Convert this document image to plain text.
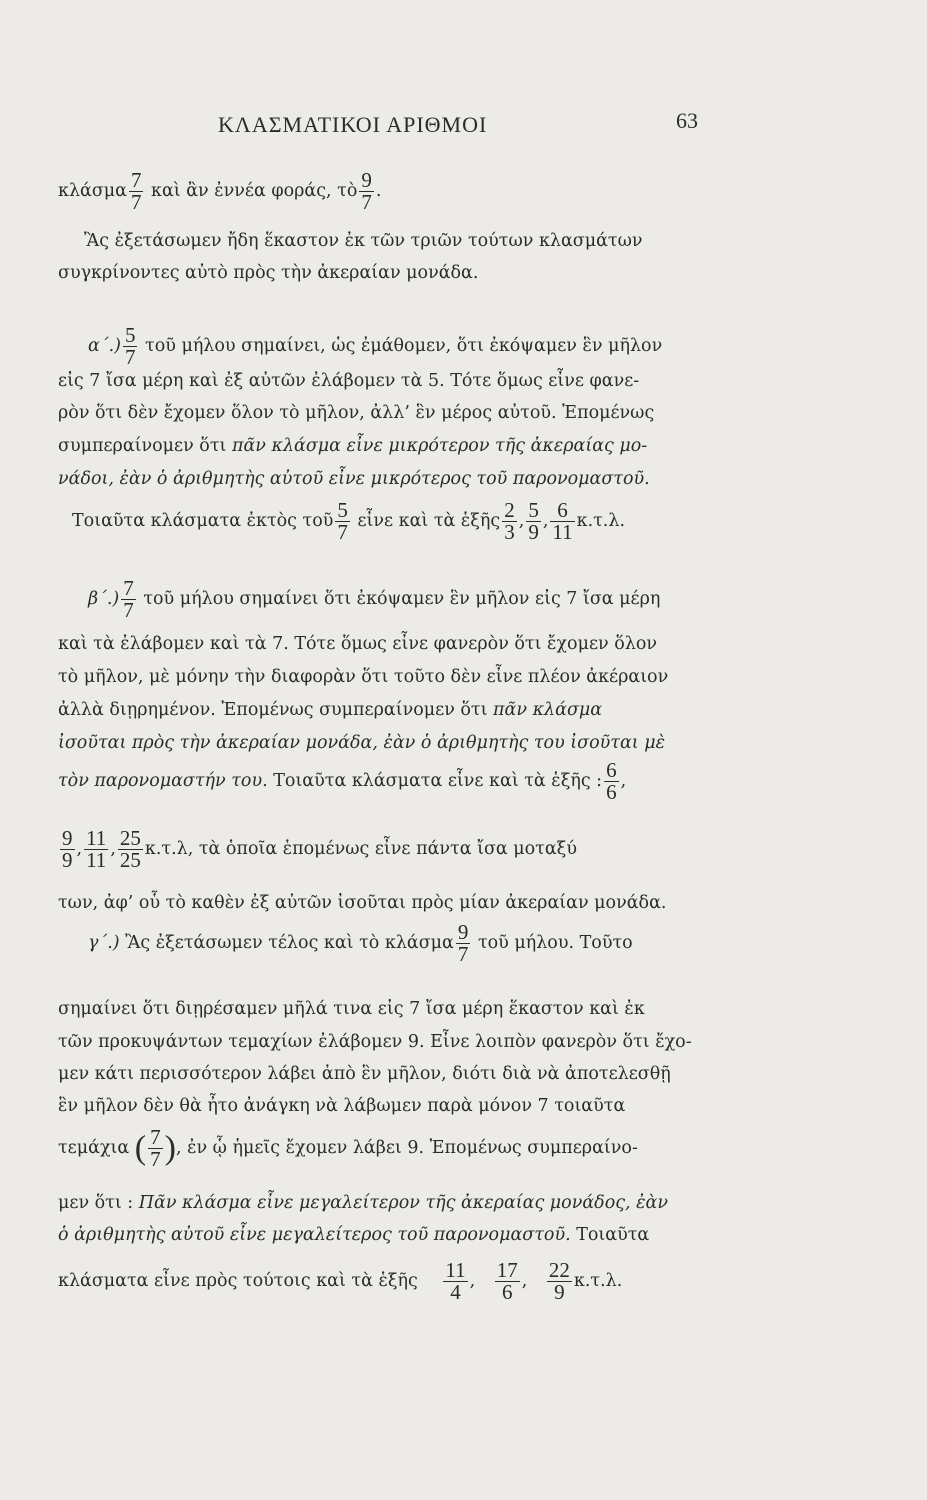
ΚΛΑΣΜΑΤΙΚΟΙ ΑΡΙΘΜΟΙ	63
κλάσμα $\frac{7}{7}$ καὶ ἂν ἐννέα φοράς, τὸ $\frac{9}{7}$ .
Ἂς ἐξετάσωμεν ἤδη ἕκαστον ἐκ τῶν τριῶν τούτων κλασμάτων
συγκρίνοντες αὐτὸ πρὸς τὴν ἀκεραίαν μονάδα.
$\alpha΄.) \frac{5}{7}$ τοῦ μήλου σημαίνει, ὡς ἐμάθομεν, ὅτι ἐκόψαμεν ἓν μῆλον
εἰς 7 ἴσα μέρη καὶ ἐξ αὐτῶν ἐλάβομεν τὰ 5. Τότε ὅμως εἶνε φανε-
ρὸν ὅτι δὲν ἔχομεν ὅλον τὸ μῆλον, ἀλλ’ ἓν μέρος αὐτοῦ. Ἐπομένως
συμπεραίνομεν ὅτι πᾶν κλάσμα εἶνε μικρότερον τῆς ἀκεραίας μο-
νάδοι, ἐὰν ὁ ἀριθμητὴς αὐτοῦ εἶνε μικρότερος τοῦ παρονομαστοῦ.
Τοιαῦτα κλάσματα ἐκτὸς τοῦ $\frac{5}{7}$ εἶνε καὶ τὰ ἑξῆς $\frac{2}{3}$ , $\frac{5}{9}$ , $\frac{6}{11} \kappa.\tau.\lambda$.
$\beta΄.) \frac{7}{7}$ τοῦ μήλου σημαίνει ὅτι ἐκόψαμεν ἓν μῆλον εἰς 7 ἴσα μέρη
καὶ τὰ ἐλάβομεν καὶ τὰ 7. Τότε ὅμως εἶνε φανερὸν ὅτι ἔχομεν ὅλον
τὸ μῆλον, μὲ μόνην τὴν διαφορὰν ὅτι τοῦτο δὲν εἶνε πλέον ἀκέραιον
ἀλλὰ διῃρημένον. Ἐπομένως συμπεραίνομεν ὅτι πᾶν κλάσμα
ἰσοῦται πρὸς τὴν ἀκεραίαν μονάδα, ἐὰν ὁ ἀριθμητὴς του ἰσοῦται μὲ
τὸν παρονομαστήν του. Τοιαῦτα κλάσματα εἶνε καὶ τὰ ἑξῆς : $\frac{6}{6}$ ,
$\frac{9}{9}$ , $\frac{11}{11}$ , $\frac{25}{25} \kappa.\tau.\lambda$, τὰ ὁποῖα ἑπομένως εἶνε πάντα ἴσα μοταξύ
των, ἀφ’ οὗ τὸ καθὲν ἐξ αὐτῶν ἰσοῦται πρὸς μίαν ἀκεραίαν μονάδα.
γ΄.) Ἂς ἐξετάσωμεν τέλος καὶ τὸ κλάσμα $\frac{9}{7}$ τοῦ μήλου. Τοῦτο
σημαίνει ὅτι διῃρέσαμεν μῆλά τινα εἰς 7 ἴσα μέρη ἕκαστον καὶ ἐκ
τῶν προκυψάντων τεμαχίων ἐλάβομεν 9. Εἶνε λοιπὸν φανερὸν ὅτι ἔχο-
μεν κάτι περισσότερον λάβει ἀπὸ ἓν μῆλον, διότι διὰ νὰ ἀποτελεσθῇ
ἓν μῆλον δὲν θὰ ἦτο ἀνάγκη νὰ λάβωμεν παρὰ μόνον 7 τοιαῦτα
τεμάχια ( $\frac{7}{7}$ ), ἐν ᾧ ἡμεῖς ἔχομεν λάβει 9. Ἐπομένως συμπεραίνο-
μεν ὅτι : Πᾶν κλάσμα εἶνε μεγαλείτερον τῆς ἀκεραίας μονάδος, ἐὰν
ὁ ἀριθμητὴς αὐτοῦ εἶνε μεγαλείτερος τοῦ παρονομαστοῦ. Τοιαῦτα
κλάσματα εἶνε πρὸς τούτοις καὶ τὰ ἑξῆς $\frac{11}{4}$ , $\frac{17}{6}$ , $\frac{22}{9} \kappa.\tau.\lambda$.
